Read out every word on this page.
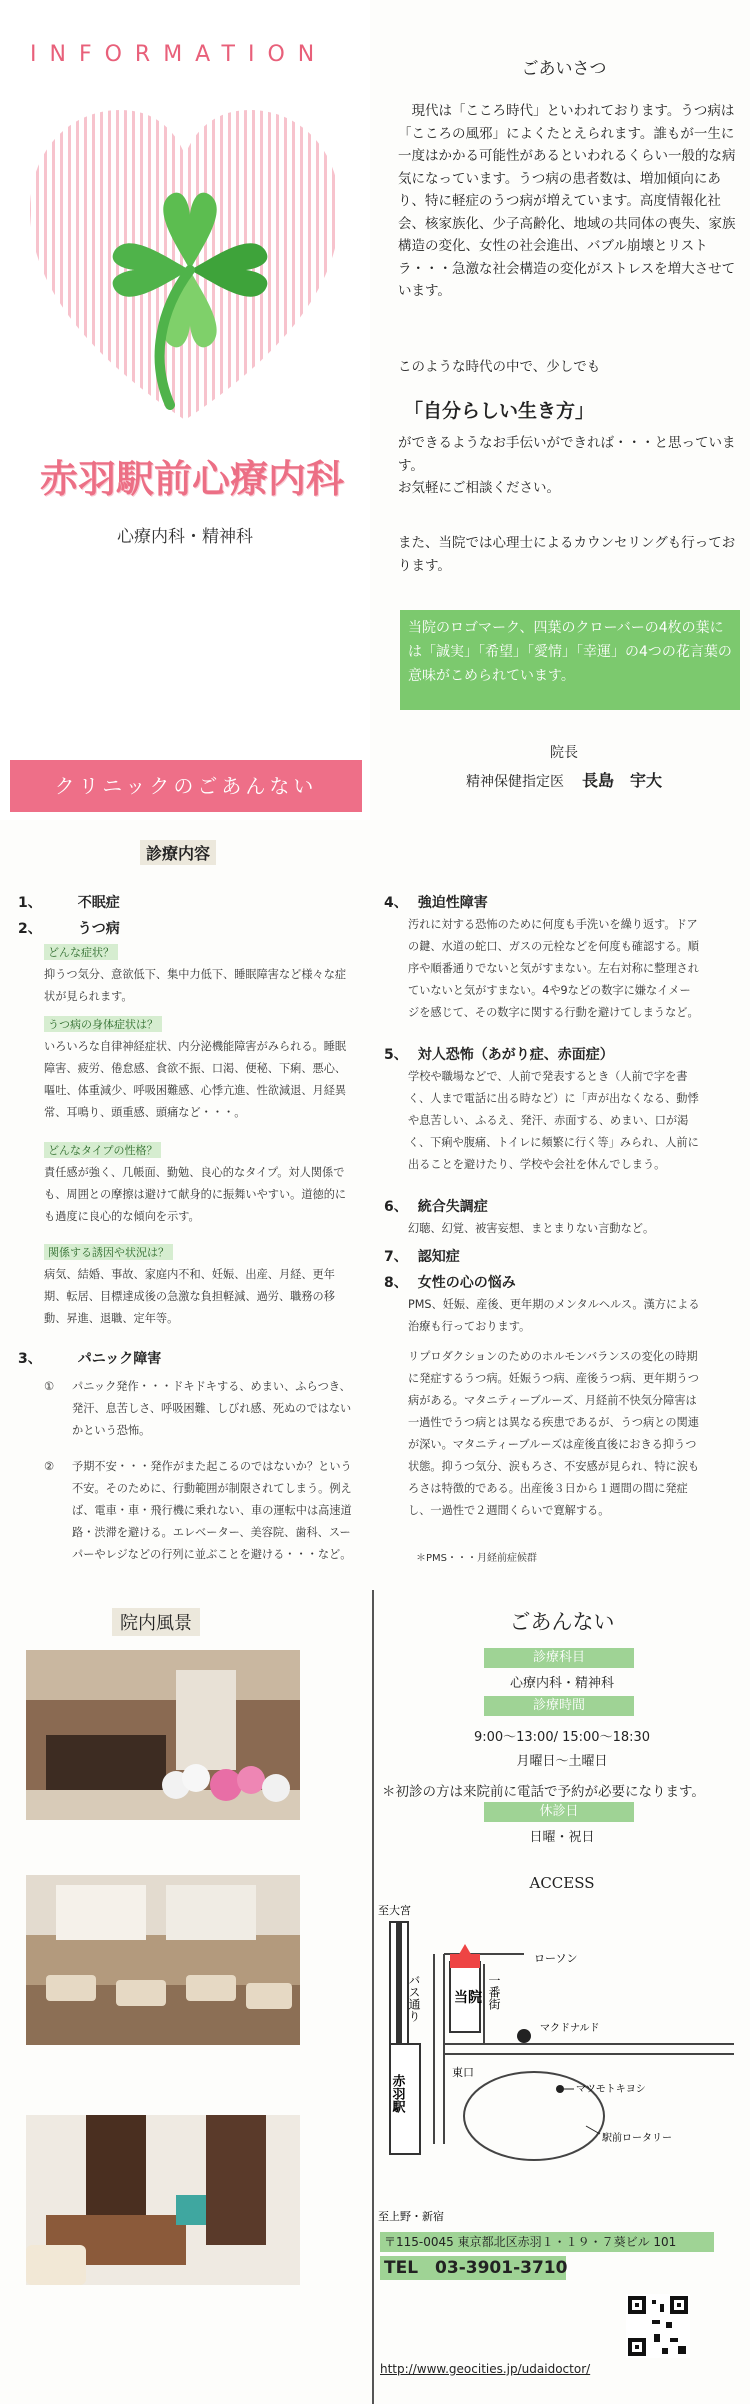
INFORMATION
赤羽駅前心療内科
心療内科・精神科
クリニックのごあんない
ごあいさつ
　現代は「こころ時代」といわれております。うつ病は「こころの風邪」によくたとえられます。誰もが一生に一度はかかる可能性があるといわれるくらい一般的な病気になっています。うつ病の患者数は、増加傾向にあり、特に軽症のうつ病が増えています。高度情報化社会、核家族化、少子高齢化、地域の共同体の喪失、家族構造の変化、女性の社会進出、バブル崩壊とリストラ・・・急激な社会構造の変化がストレスを増大させています。
このような時代の中で、少しでも
「自分らしい生き方」
ができるようなお手伝いができれば・・・と思っています。
お気軽にご相談ください。
また、当院では心理士によるカウンセリングも行っております。
当院のロゴマーク、四葉のクローバーの4枚の葉には「誠実」「希望」「愛情」「幸運」の4つの花言葉の意味がこめられています。
院長
精神保健指定医 長島　宇大
診療内容
1、	不眠症
2、	うつ病
どんな症状？
抑うつ気分、意欲低下、集中力低下、睡眠障害など様々な症状が見られます。
うつ病の身体症状は？
いろいろな自律神経症状、内分泌機能障害がみられる。睡眠障害、疲労、倦怠感、食欲不振、口渇、便秘、下痢、悪心、嘔吐、体重減少、呼吸困難感、心悸亢進、性欲減退、月経異常、耳鳴り、頭重感、頭痛など・・・。
どんなタイプの性格？
責任感が強く、几帳面、勤勉、良心的なタイプ。対人関係でも、周囲との摩擦は避けて献身的に振舞いやすい。道徳的にも過度に良心的な傾向を示す。
関係する誘因や状況は？
病気、結婚、事故、家庭内不和、妊娠、出産、月経、更年期、転居、目標達成後の急激な負担軽減、過労、職務の移動、昇進、退職、定年等。
3、	パニック障害
① パニック発作・・・ドキドキする、めまい、ふらつき、発汗、息苦しさ、呼吸困難、しびれ感、死ぬのではないかという恐怖。
② 予期不安・・・発作がまた起こるのではないか？という不安。そのために、行動範囲が制限されてしまう。例えば、電車・車・飛行機に乗れない、車の運転中は高速道路・渋滞を避ける。エレベーター、美容院、歯科、スーパーやレジなどの行列に並ぶことを避ける・・・など。
4、 強迫性障害
汚れに対する恐怖のために何度も手洗いを繰り返す。ドアの鍵、水道の蛇口、ガスの元栓などを何度も確認する。順序や順番通りでないと気がすまない。左右対称に整理されていないと気がすまない。4や9などの数字に嫌なイメージを感じて、その数字に関する行動を避けてしまうなど。
5、 対人恐怖（あがり症、赤面症）
学校や職場などで、人前で発表するとき（人前で字を書く、人まで電話に出る時など）に「声が出なくなる、動悸や息苦しい、ふるえ、発汗、赤面する、めまい、口が渇く、下痢や腹痛、トイレに頻繁に行く等」みられ、人前に出ることを避けたり、学校や会社を休んでしまう。
6、 統合失調症
幻聴、幻覚、被害妄想、まとまりない言動など。
7、 認知症
8、 女性の心の悩み
PMS、妊娠、産後、更年期のメンタルヘルス。漢方による治療も行っております。
リプロダクションのためのホルモンバランスの変化の時期に発症するうつ病。妊娠うつ病、産後うつ病、更年期うつ病がある。マタニティーブルーズ、月経前不快気分障害は一過性でうつ病とは異なる疾患であるが、うつ病との関連が深い。マタニティーブルーズは産後直後におきる抑うつ状態。抑うつ気分、涙もろさ、不安感が見られ、特に涙もろさは特徴的である。出産後３日から１週間の間に発症し、一過性で２週間くらいで寛解する。
＊PMS・・・月経前症候群
院内風景	ごあんない
診療科目
心療内科・精神科
診療時間
9:00～13:00/ 15:00～18:30
月曜日～土曜日
＊初診の方は来院前に電話で予約が必要になります。
休診日
日曜・祝日
ACCESS
至大宮
至上野・新宿
ローソン
バス通り 当院 一番街
マクドナルド
東口
マツモトキヨシ
駅前ロータリー
赤羽駅
〒115-0045 東京都北区赤羽１・１９・７葵ビル 101
TEL　03-3901-3710
http://www.geocities.jp/udaidoctor/
